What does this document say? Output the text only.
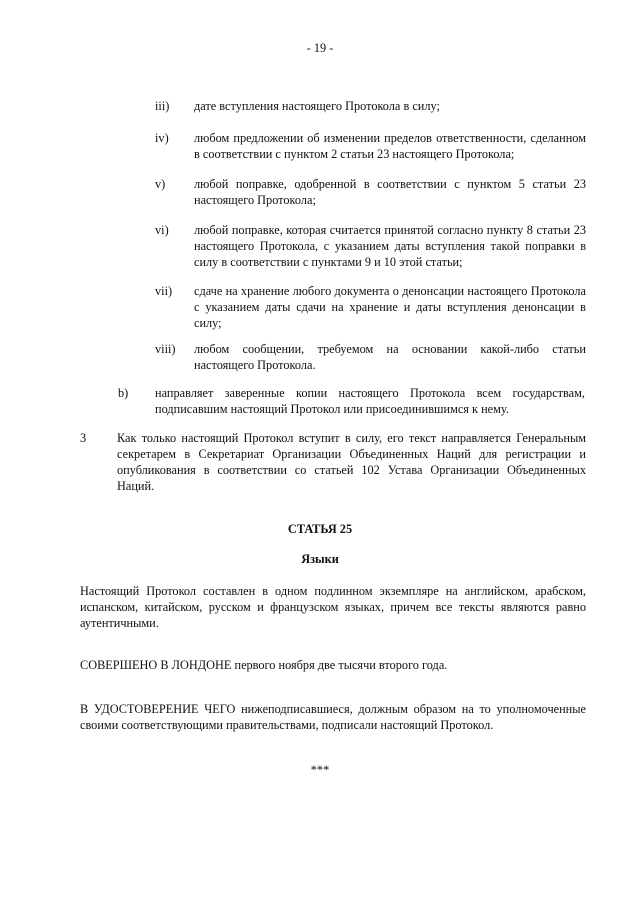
- 19 -
iii) дате вступления настоящего Протокола в силу;
iv) любом предложении об изменении пределов ответственности, сделанном в соответствии с пунктом 2 статьи 23 настоящего Протокола;
v) любой поправке, одобренной в соответствии с пунктом 5 статьи 23 настоящего Протокола;
vi) любой поправке, которая считается принятой согласно пункту 8 статьи 23 настоящего Протокола, с указанием даты вступления такой поправки в силу в соответствии с пунктами 9 и 10 этой статьи;
vii) сдаче на хранение любого документа о денонсации настоящего Протокола с указанием даты сдачи на хранение и даты вступления денонсации в силу;
viii) любом сообщении, требуемом на основании какой-либо статьи настоящего Протокола.
b) направляет заверенные копии настоящего Протокола всем государствам, подписавшим настоящий Протокол или присоединившимся к нему.
3	Как только настоящий Протокол вступит в силу, его текст направляется Генеральным секретарем в Секретариат Организации Объединенных Наций для регистрации и опубликования в соответствии со статьей 102 Устава Организации Объединенных Наций.
СТАТЬЯ 25
Языки
Настоящий Протокол составлен в одном подлинном экземпляре на английском, арабском, испанском, китайском, русском и французском языках, причем все тексты являются равно аутентичными.
СОВЕРШЕНО В ЛОНДОНЕ первого ноября две тысячи второго года.
В УДОСТОВЕРЕНИЕ ЧЕГО нижеподписавшиеся, должным образом на то уполномоченные своими соответствующими правительствами, подписали настоящий Протокол.
***
